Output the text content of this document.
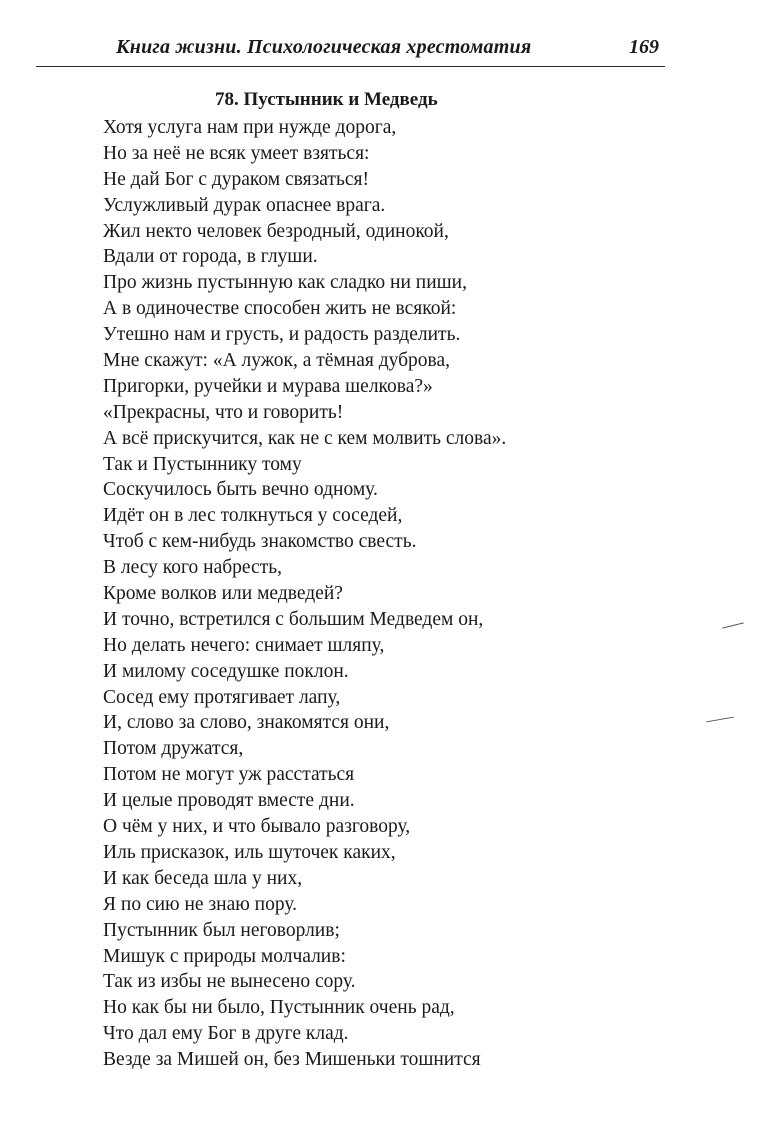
Книга жизни. Психологическая хрестоматия	169
78. Пустынник и Медведь
Хотя услуга нам при нужде дорога,
Но за неё не всяк умеет взяться:
Не дай Бог с дураком связаться!
Услужливый дурак опаснее врага.
Жил некто человек безродный, одинокой,
Вдали от города, в глуши.
Про жизнь пустынную как сладко ни пиши,
А в одиночестве способен жить не всякой:
Утешно нам и грусть, и радость разделить.
Мне скажут: «А лужок, а тёмная дуброва,
Пригорки, ручейки и мурава шелкова?»
«Прекрасны, что и говорить!
А всё прискучится, как не с кем молвить слова».
Так и Пустыннику тому
Соскучилось быть вечно одному.
Идёт он в лес толкнуться у соседей,
Чтоб с кем-нибудь знакомство свесть.
В лесу кого набресть,
Кроме волков или медведей?
И точно, встретился с большим Медведем он,
Но делать нечего: снимает шляпу,
И милому соседушке поклон.
Сосед ему протягивает лапу,
И, слово за слово, знакомятся они,
Потом дружатся,
Потом не могут уж расстаться
И целые проводят вместе дни.
О чём у них, и что бывало разговору,
Иль присказок, иль шуточек каких,
И как беседа шла у них,
Я по сию не знаю пору.
Пустынник был неговорлив;
Мишук с природы молчалив:
Так из избы не вынесено сору.
Но как бы ни было, Пустынник очень рад,
Что дал ему Бог в друге клад.
Везде за Мишей он, без Мишеньки тошнится
